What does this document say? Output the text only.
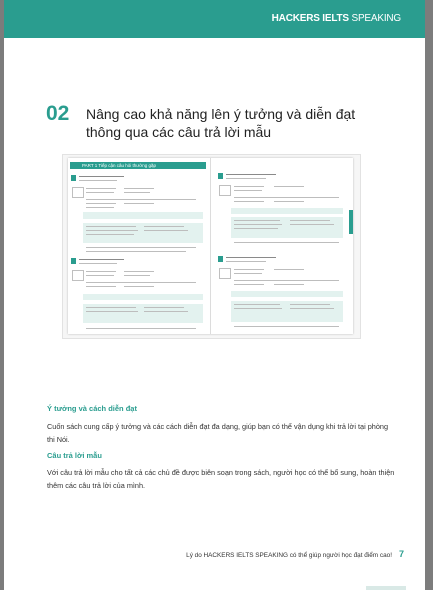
HACKERS IELTS SPEAKING
02 Nâng cao khả năng lên ý tưởng và diễn đạt thông qua các câu trả lời mẫu
PART 1 Tiếp cận câu hỏi thường gặp
Ý tưởng và cách diễn đạt
Cuốn sách cung cấp ý tưởng và các cách diễn đạt đa dạng, giúp bạn có thể vận dụng khi trả lời tại phòng thi Nói.
Câu trả lời mẫu
Với câu trả lời mẫu cho tất cả các chủ đề được biên soạn trong sách, người học có thể bổ sung, hoàn thiện thêm các câu trả lời của mình.
Lý do HACKERS IELTS SPEAKING có thể giúp người học đạt điểm cao! 7
